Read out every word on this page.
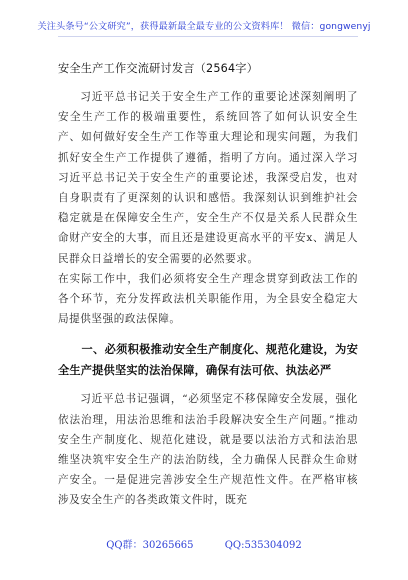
关注头条号“公文研究”，获得最新最全最专业的公文资料库！ 微信：gongwenyj
安全生产工作交流研讨发言（2564字）

习近平总书记关于安全生产工作的重要论述深刻阐明了安全生产工作的极端重要性，系统回答了如何认识安全生产、如何做好安全生产工作等重大理论和现实问题，为我们抓好安全生产工作提供了遵循，指明了方向。通过深入学习习近平总书记关于安全生产的重要论述，我深受启发，也对自身职责有了更深刻的认识和感悟。我深刻认识到维护社会稳定就是在保障安全生产，安全生产不仅是关系人民群众生命财产安全的大事，而且还是建设更高水平的平安x、满足人民群众日益增长的安全需要的必然要求。

在实际工作中，我们必须将安全生产理念贯穿到政法工作的各个环节，充分发挥政法机关职能作用，为全县安全稳定大局提供坚强的政法保障。

一、必须积极推动安全生产制度化、规范化建设，为安全生产提供坚实的法治保障，确保有法可依、执法必严

习近平总书记强调，“必须坚定不移保障安全发展，强化依法治理，用法治思维和法治手段解决安全生产问题。”推动安全生产制度化、规范化建设，就是要以法治方式和法治思维坚决筑牢安全生产的法治防线，全力确保人民群众生命财产安全。一是促进完善涉安全生产规范性文件。在严格审核涉及安全生产的各类政策文件时，既充

QQ群：30265665	QQ:535304092
